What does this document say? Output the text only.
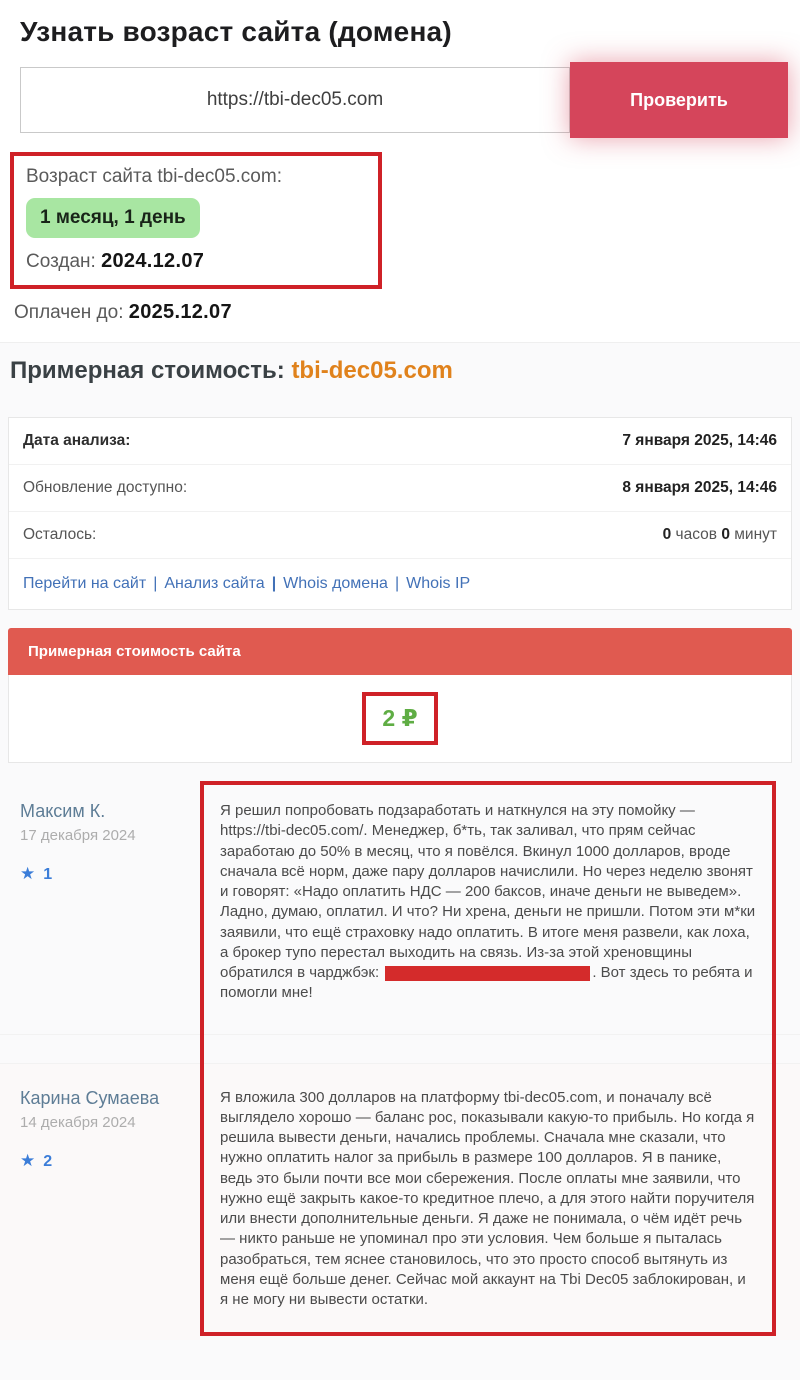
Узнать возраст сайта (домена)
https://tbi-dec05.com
Проверить
Возраст сайта tbi-dec05.com:
1 месяц, 1 день
Создан: 2024.12.07
Оплачен до: 2025.12.07
Примерная стоимость: tbi-dec05.com
Дата анализа:	7 января 2025, 14:46
Обновление доступно:	8 января 2025, 14:46
Осталось:	0 часов 0 минут
Перейти на сайт | Анализ сайта | Whois домена | Whois IP
Примерная стоимость сайта
2 ₽
Максим К.
17 декабря 2024
★ 1
Я решил попробовать подзаработать и наткнулся на эту помойку — https://tbi-dec05.com/. Менеджер, б*ть, так заливал, что прям сейчас заработаю до 50% в месяц, что я повёлся. Вкинул 1000 долларов, вроде сначала всё норм, даже пару долларов начислили. Но через неделю звонят и говорят: «Надо оплатить НДС — 200 баксов, иначе деньги не выведем». Ладно, думаю, оплатил. И что? Ни хрена, деньги не пришли. Потом эти м*ки заявили, что ещё страховку надо оплатить. В итоге меня развели, как лоха, а брокер тупо перестал выходить на связь. Из-за этой хреновщины обратился в чарджбэк:	. Вот здесь то ребята и помогли мне!
Карина Сумаева
14 декабря 2024
★ 2
Я вложила 300 долларов на платформу tbi-dec05.com, и поначалу всё выглядело хорошо — баланс рос, показывали какую-то прибыль. Но когда я решила вывести деньги, начались проблемы. Сначала мне сказали, что нужно оплатить налог за прибыль в размере 100 долларов. Я в панике, ведь это были почти все мои сбережения. После оплаты мне заявили, что нужно ещё закрыть какое-то кредитное плечо, а для этого найти поручителя или внести дополнительные деньги. Я даже не понимала, о чём идёт речь — никто раньше не упоминал про эти условия. Чем больше я пыталась разобраться, тем яснее становилось, что это просто способ вытянуть из меня ещё больше денег. Сейчас мой аккаунт на Tbi Dec05 заблокирован, и я не могу ни вывести остатки.
